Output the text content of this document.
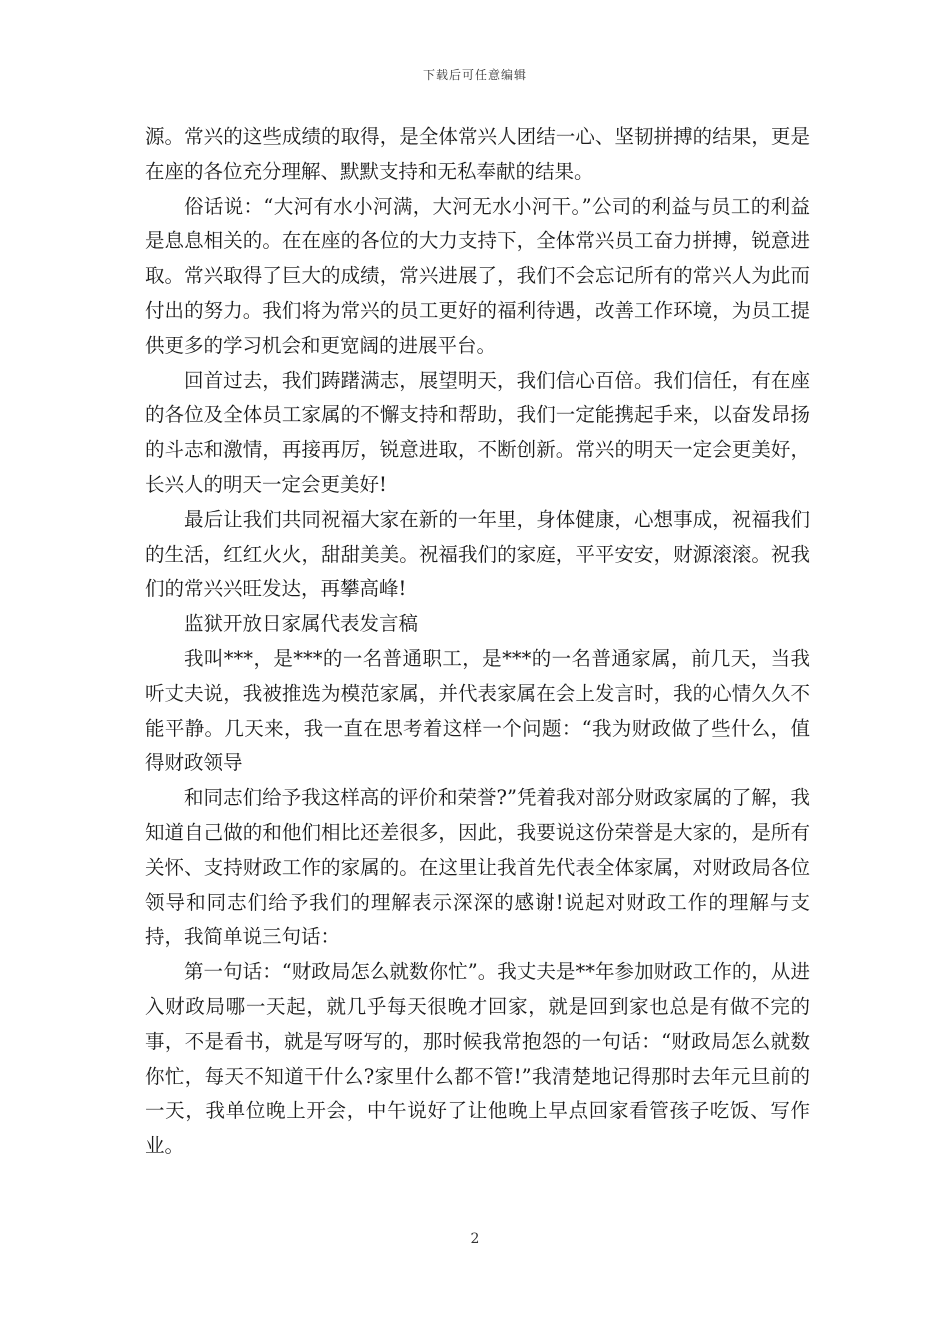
下载后可任意编辑

源。常兴的这些成绩的取得，是全体常兴人团结一心、坚韧拼搏的结果，更是在座的各位充分理解、默默支持和无私奉献的结果。

俗话说：“大河有水小河满，大河无水小河干。”公司的利益与员工的利益是息息相关的。在在座的各位的大力支持下，全体常兴员工奋力拼搏，锐意进取。常兴取得了巨大的成绩，常兴进展了，我们不会忘记所有的常兴人为此而付出的努力。我们将为常兴的员工更好的福利待遇，改善工作环境，为员工提供更多的学习机会和更宽阔的进展平台。

回首过去，我们踌躇满志，展望明天，我们信心百倍。我们信任，有在座的各位及全体员工家属的不懈支持和帮助，我们一定能携起手来，以奋发昂扬的斗志和激情，再接再厉，锐意进取，不断创新。常兴的明天一定会更美好，长兴人的明天一定会更美好!

最后让我们共同祝福大家在新的一年里，身体健康，心想事成，祝福我们的生活，红红火火，甜甜美美。祝福我们的家庭，平平安安，财源滚滚。祝我们的常兴兴旺发达，再攀高峰!

监狱开放日家属代表发言稿

我叫***，是***的一名普通职工，是***的一名普通家属，前几天，当我听丈夫说，我被推选为模范家属，并代表家属在会上发言时，我的心情久久不能平静。几天来，我一直在思考着这样一个问题：“我为财政做了些什么，值得财政领导

和同志们给予我这样高的评价和荣誉?”凭着我对部分财政家属的了解，我知道自己做的和他们相比还差很多，因此，我要说这份荣誉是大家的，是所有关怀、支持财政工作的家属的。在这里让我首先代表全体家属，对财政局各位领导和同志们给予我们的理解表示深深的感谢!说起对财政工作的理解与支持，我简单说三句话：

第一句话：“财政局怎么就数你忙”。我丈夫是**年参加财政工作的，从进入财政局哪一天起，就几乎每天很晚才回家，就是回到家也总是有做不完的事，不是看书，就是写呀写的，那时候我常抱怨的一句话：“财政局怎么就数你忙，每天不知道干什么?家里什么都不管!”我清楚地记得那时去年元旦前的一天，我单位晚上开会，中午说好了让他晚上早点回家看管孩子吃饭、写作业。

2
